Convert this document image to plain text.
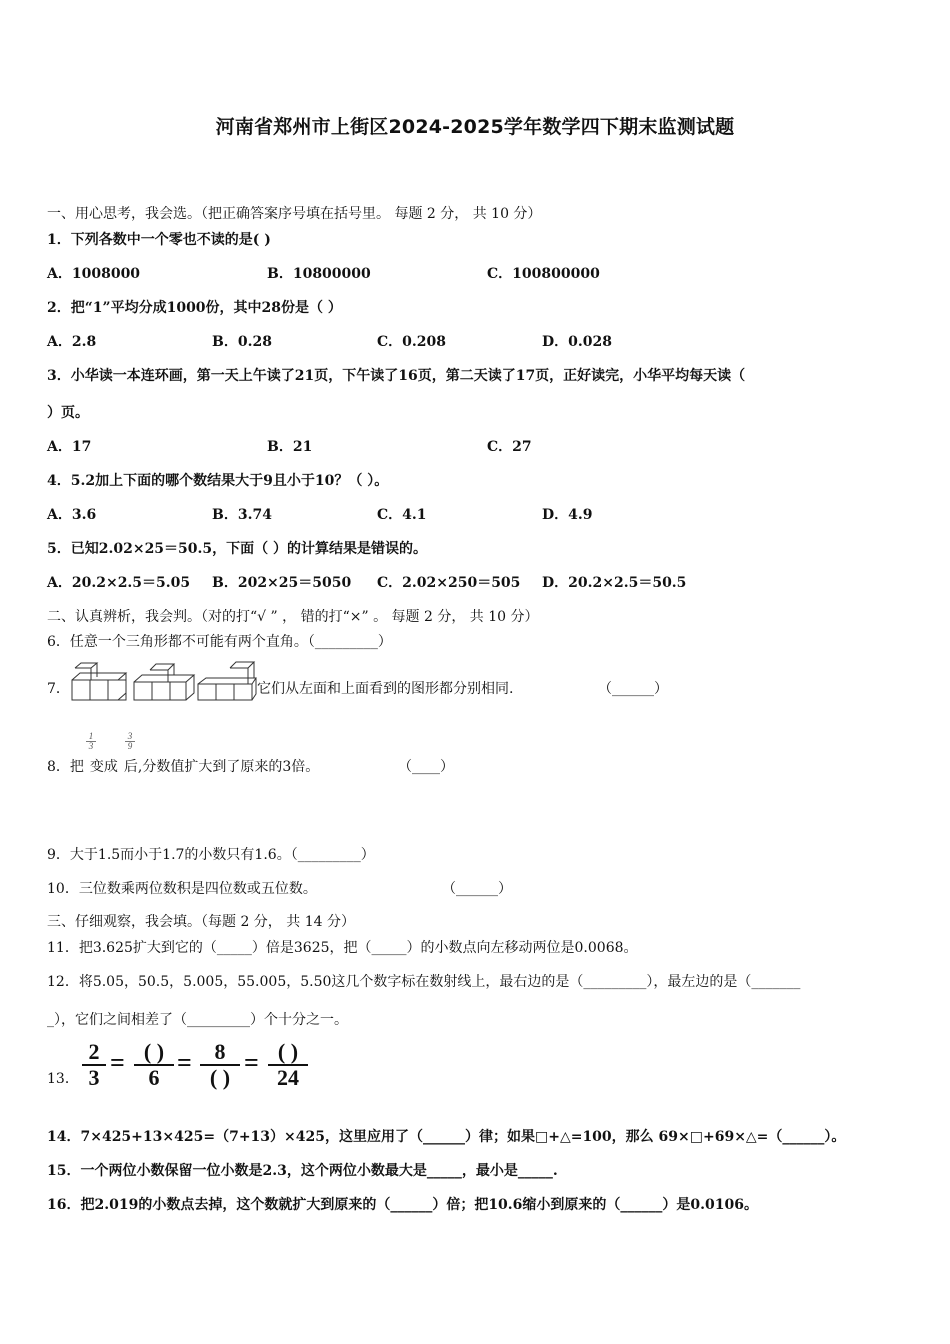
河南省郑州市上街区2024-2025学年数学四下期末监测试题
一、用心思考，我会选。（把正确答案序号填在括号里。 每题 2 分， 共 10 分）
1．下列各数中一个零也不读的是( )
A．1008000	B．10800000	C．100800000
2．把“1”平均分成1000份，其中28份是（ ）
A．2.8	B．0.28	C．0.208	D．0.028
3．小华读一本连环画，第一天上午读了21页，下午读了16页，第二天读了17页，正好读完，小华平均每天读（
）页。
A．17	B．21	C．27
4．5.2加上下面的哪个数结果大于9且小于10？（ ）。
A．3.6	B．3.74	C．4.1	D．4.9
5．已知2.02×25＝50.5，下面（ ）的计算结果是错误的。
A．20.2×2.5＝5.05 B．202×25＝5050 C．2.02×250＝505 D．20.2×2.5＝50.5
二、认真辨析，我会判。（对的打“√ ” ， 错的打“×” 。 每题 2 分， 共 10 分）
6．任意一个三角形都不可能有两个直角。（_________）
7．	它们从左面和上面看到的图形都分别相同.	（______）
$\frac{1}{3}$	$\frac{3}{9}$
8．把 变成 后,分数值扩大到了原来的3倍。	（____）
9．大于1.5而小于1.7的小数只有1.6。（_________）
10．三位数乘两位数积是四位数或五位数。	（______）
三、仔细观察，我会填。（每题 2 分， 共 14 分）
11．把3.625扩大到它的（_____）倍是3625，把（_____）的小数点向左移动两位是0.0068。
12．将5.05，50.5，5.005，55.005，5.50这几个数字标在数射线上，最右边的是（_________），最左边的是（_______
_），它们之间相差了（_________）个十分之一。
13． $\frac{2}{3}$ = ( )
6
=	8
( )
= ( )
24
14．7×425+13×425=（7+13）×425，这里应用了（______）律；如果□+△=100，那么 69×□+69×△=（______）。
15．一个两位小数保留一位小数是2.3，这个两位小数最大是_____，最小是_____.
16．把2.019的小数点去掉，这个数就扩大到原来的（______）倍；把10.6缩小到原来的（______）是0.0106。
